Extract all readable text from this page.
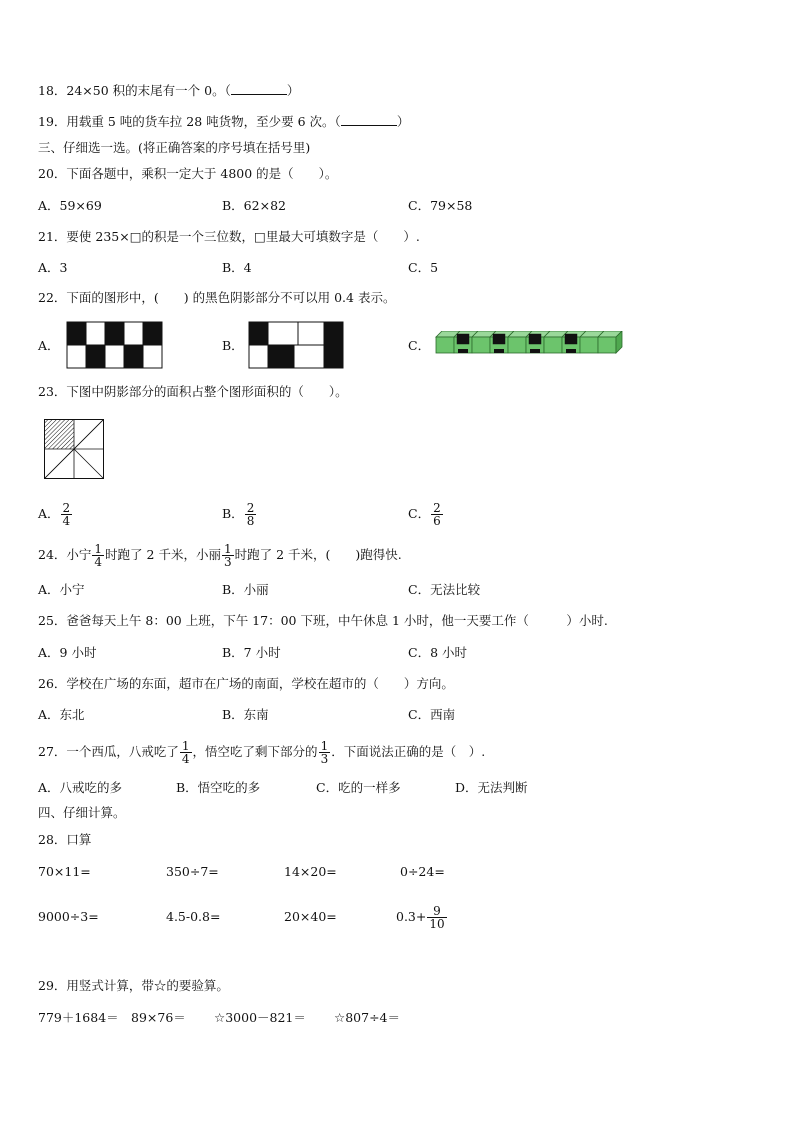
18．24×50 积的末尾有一个 0。（	）
19．用载重 5 吨的货车拉 28 吨货物，至少要 6 次。（	）
三、仔细选一选。(将正确答案的序号填在括号里)
20．下面各题中，乘积一定大于 4800 的是（　　）。
A．59×69	B．62×82	C．79×58
21．要使 235×□的积是一个三位数，□里最大可填数字是（　　）.
A．3	B．4	C．5
22．下面的图形中，(　　) 的黑色阴影部分不可以用 0.4 表示。
A．	B．	C．
23．下图中阴影部分的面积占整个图形面积的（　　）。
A． $\frac{2}{4}$	B． $\frac{2}{8}$	C． $\frac{2}{6}$
24．小宁 $\frac{1}{4}$ 时跑了 2 千米，小丽 $\frac{1}{3}$ 时跑了 2 千米，(　　)跑得快.
A．小宁	B．小丽	C．无法比较
25．爸爸每天上午 8：00 上班，下午 17：00 下班，中午休息 1 小时，他一天要工作（　　　）小时.
A．9 小时	B．7 小时	C．8 小时
26．学校在广场的东面，超市在广场的南面，学校在超市的（　　）方向。
A．东北	B．东南	C．西南
27．一个西瓜，八戒吃了 $\frac{1}{4}$ ，悟空吃了剩下部分的 $\frac{1}{3}$ ．下面说法正确的是（　）.
A．八戒吃的多	B．悟空吃的多	C．吃的一样多	D．无法判断
四、仔细计算。
28．口算
70×11=	350÷7=	14×20=	0÷24=
9000÷3=	4.5-0.8=	20×40=	$0.3+ \frac{9}{10}$
29．用竖式计算，带☆的要验算。
779＋1684＝ 89×76＝ ☆3000－821＝ ☆807÷4＝
